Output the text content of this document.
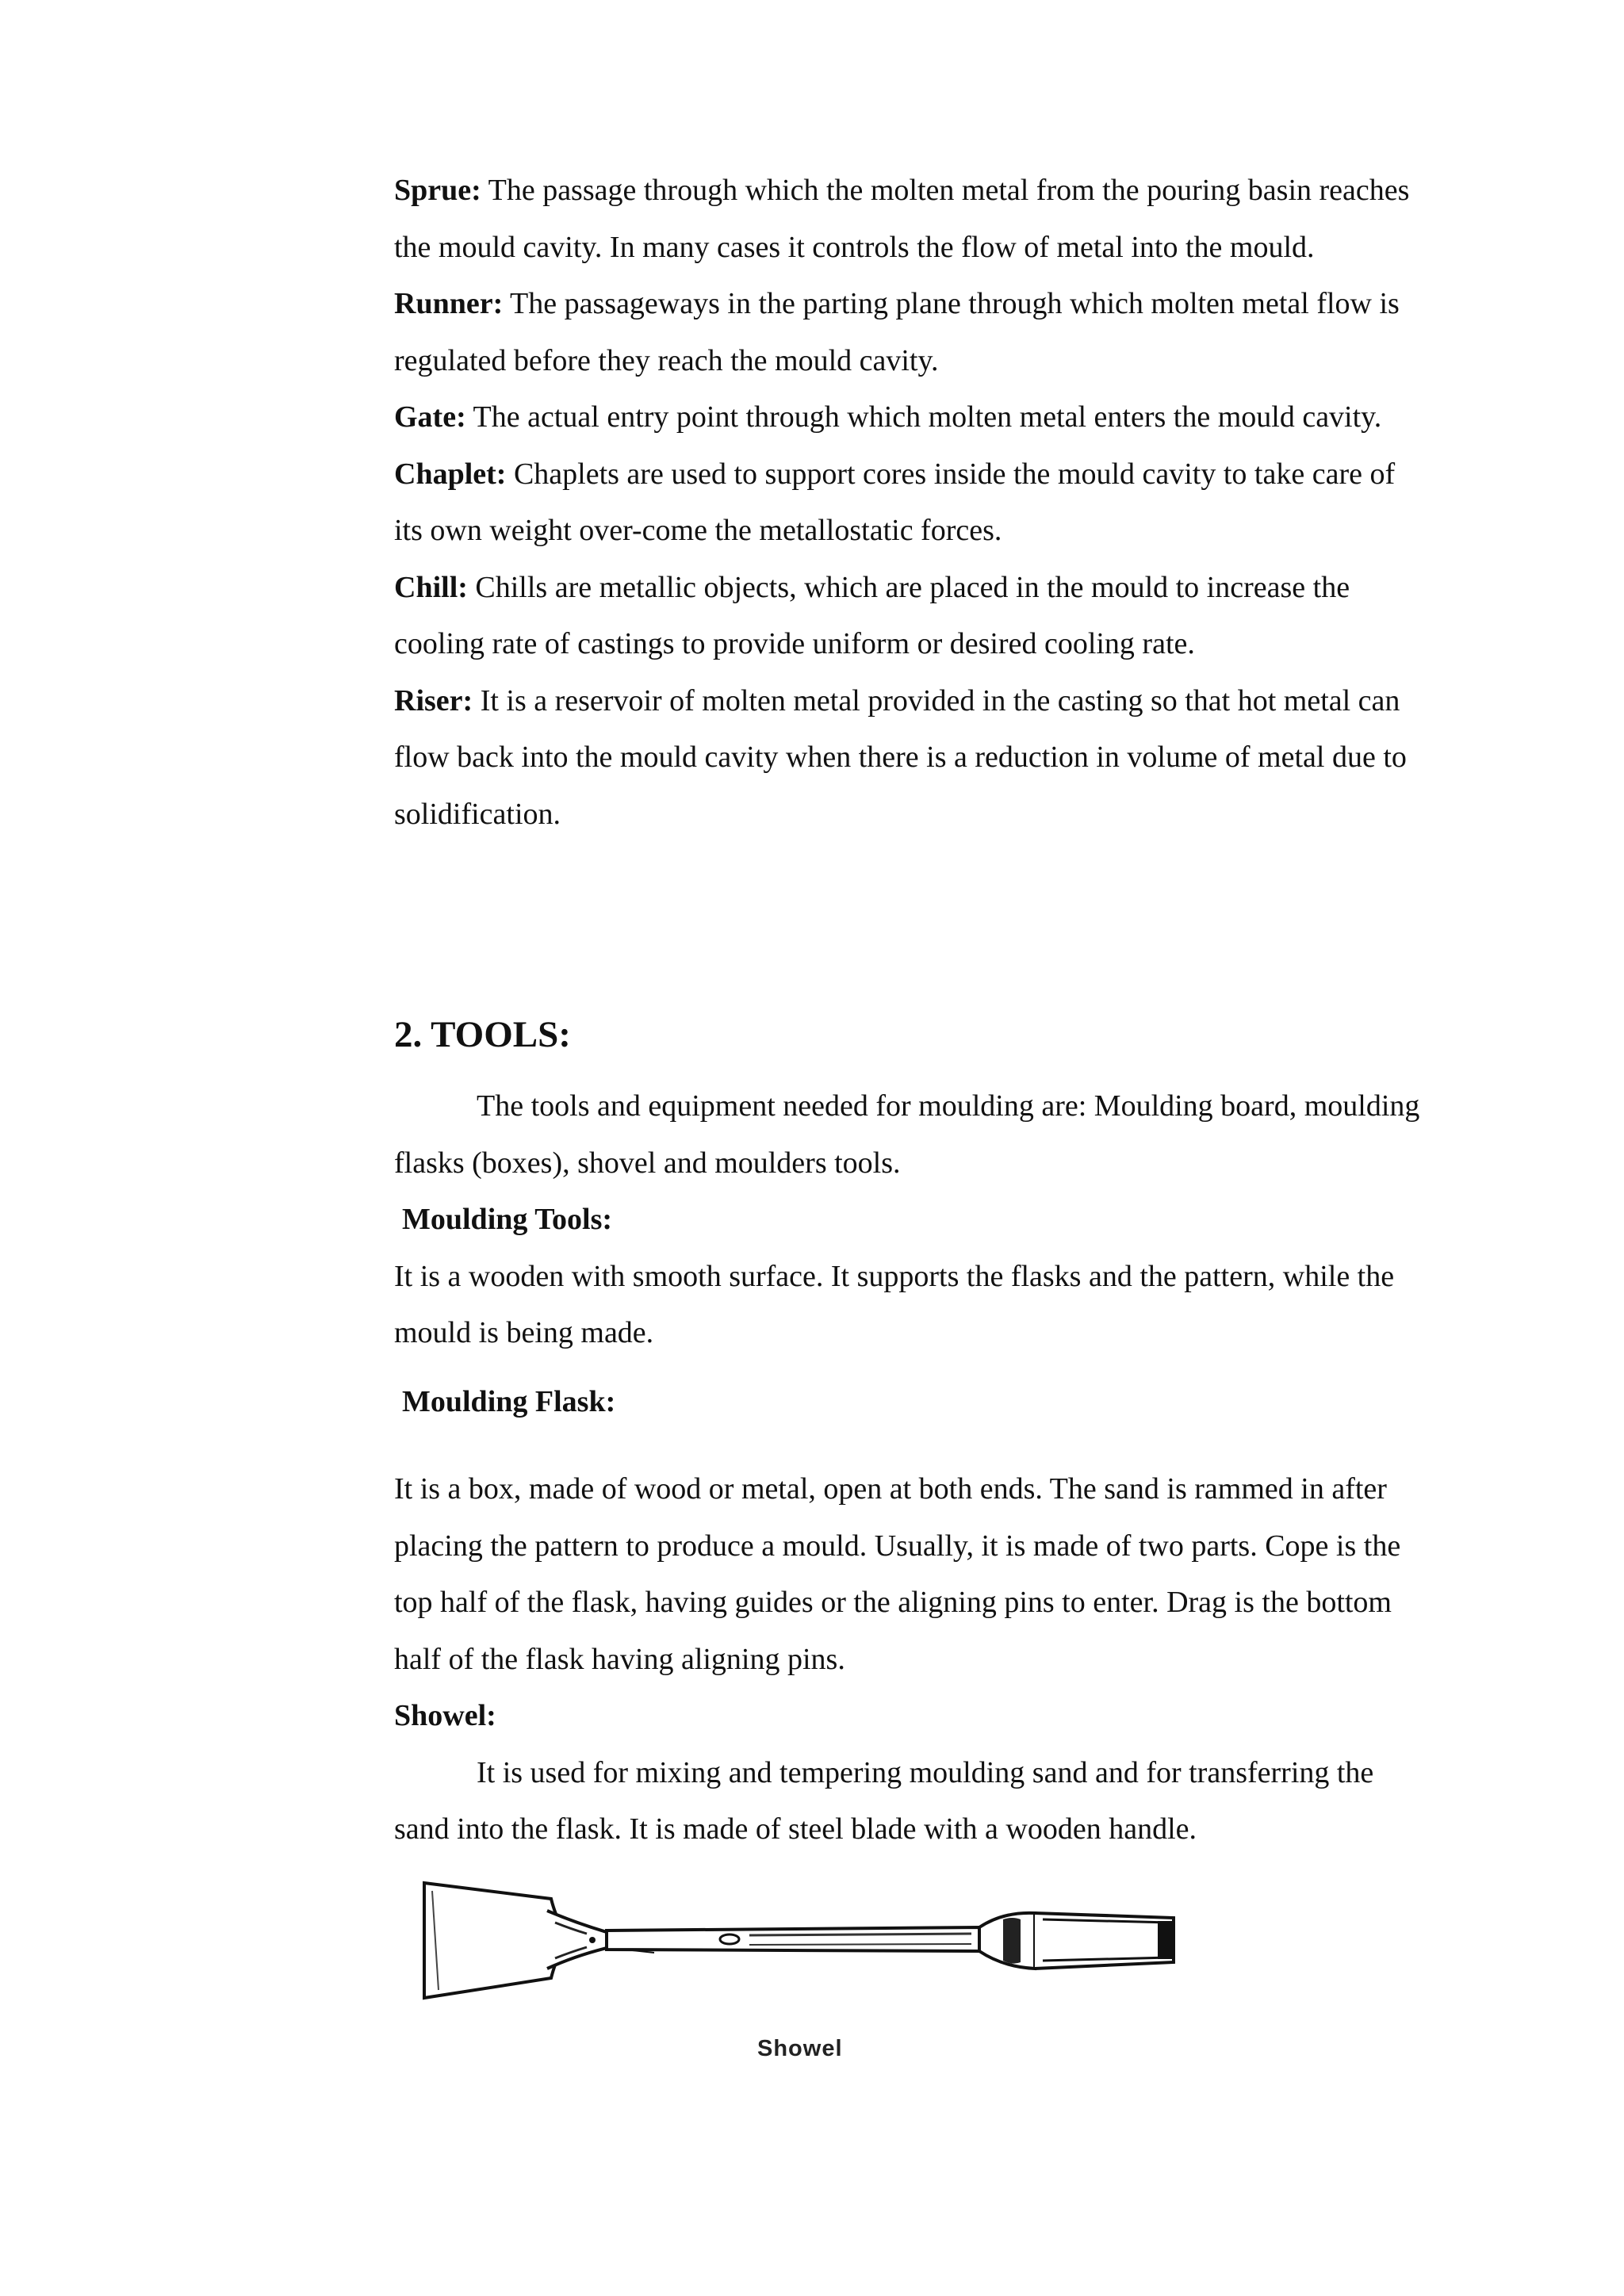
Sprue: The passage through which the molten metal from the pouring basin reaches the mould cavity. In many cases it controls the flow of metal into the mould.

Runner: The passageways in the parting plane through which molten metal flow is regulated before they reach the mould cavity.

Gate: The actual entry point through which molten metal enters the mould cavity.

Chaplet: Chaplets are used to support cores inside the mould cavity to take care of its own weight over-come the metallostatic forces.

Chill: Chills are metallic objects, which are placed in the mould to increase the cooling rate of castings to provide uniform or desired cooling rate.

Riser: It is a reservoir of molten metal provided in the casting so that hot metal can flow back into the mould cavity when there is a reduction in volume of metal due to solidification.

2. TOOLS:

The tools and equipment needed for moulding are: Moulding board, moulding flasks (boxes), shovel and moulders tools.

Moulding Tools:

It is a wooden with smooth surface. It supports the flasks and the pattern, while the mould is being made.

Moulding Flask:

It is a box, made of wood or metal, open at both ends. The sand is rammed in after placing the pattern to produce a mould. Usually, it is made of two parts. Cope is the top half of the flask, having guides or the aligning pins to enter. Drag is the bottom half of the flask having aligning pins.

Showel:

It is used for mixing and tempering moulding sand and for transferring the sand into the flask. It is made of steel blade with a wooden handle.

Showel
